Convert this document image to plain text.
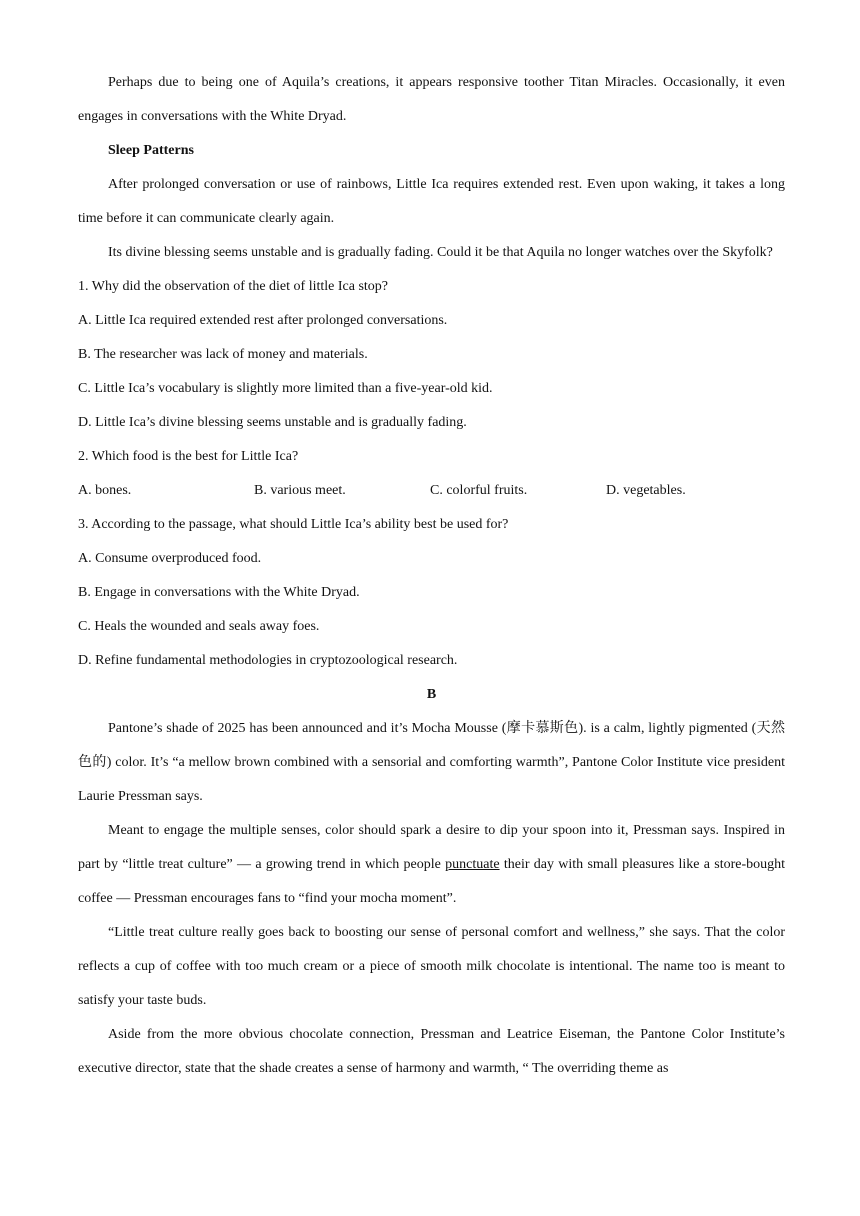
Perhaps due to being one of Aquila’s creations, it appears responsive toother Titan Miracles. Occasionally, it even engages in conversations with the White Dryad.

Sleep Patterns

After prolonged conversation or use of rainbows, Little Ica requires extended rest. Even upon waking, it takes a long time before it can communicate clearly again.

Its divine blessing seems unstable and is gradually fading. Could it be that Aquila no longer watches over the Skyfolk?

1. Why did the observation of the diet of little Ica stop?

A. Little Ica required extended rest after prolonged conversations.

B. The researcher was lack of money and materials.

C. Little Ica’s vocabulary is slightly more limited than a five-year-old kid.

D. Little Ica’s divine blessing seems unstable and is gradually fading.

2. Which food is the best for Little Ica?

A. bones.	B. various meet.	C. colorful fruits.	D. vegetables.

3. According to the passage, what should Little Ica’s ability best be used for?

A. Consume overproduced food.

B. Engage in conversations with the White Dryad.

C. Heals the wounded and seals away foes.

D. Refine fundamental methodologies in cryptozoological research.

B

Pantone’s shade of 2025 has been announced and it’s Mocha Mousse (摩卡慕斯色). is a calm, lightly pigmented (天然色的) color. It’s “a mellow brown combined with a sensorial and comforting warmth”, Pantone Color Institute vice president Laurie Pressman says.

Meant to engage the multiple senses, color should spark a desire to dip your spoon into it, Pressman says. Inspired in part by “little treat culture” — a growing trend in which people punctuate their day with small pleasures like a store-bought coffee — Pressman encourages fans to “find your mocha moment”.

“Little treat culture really goes back to boosting our sense of personal comfort and wellness,” she says. That the color reflects a cup of coffee with too much cream or a piece of smooth milk chocolate is intentional. The name too is meant to satisfy your taste buds.

Aside from the more obvious chocolate connection, Pressman and Leatrice Eiseman, the Pantone Color Institute’s executive director, state that the shade creates a sense of harmony and warmth, “ The overriding theme as
